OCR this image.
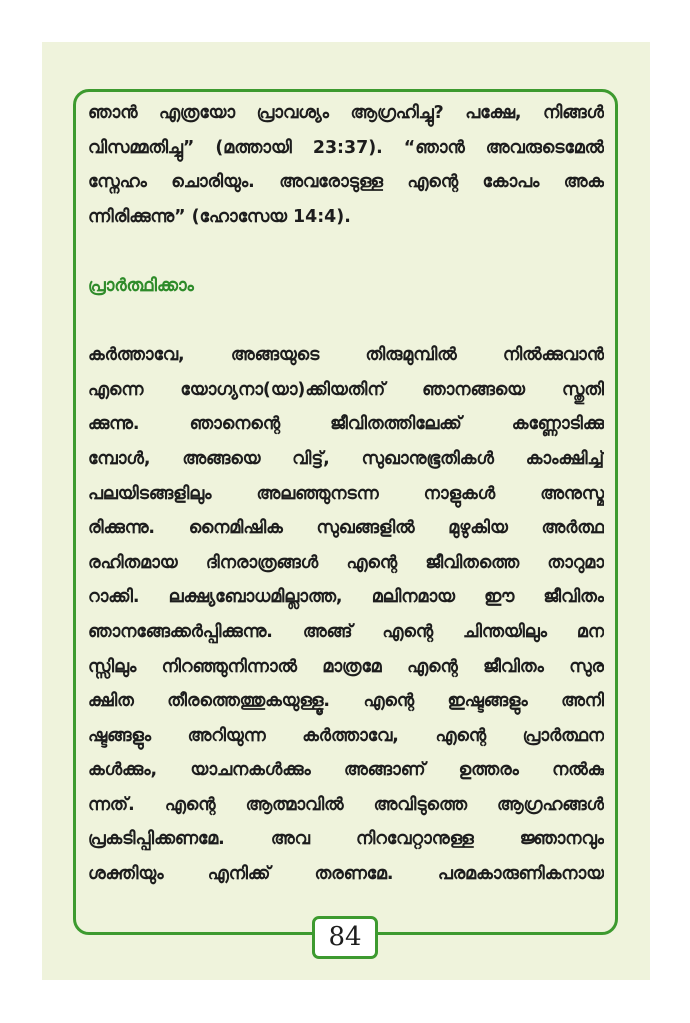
ഞാൻ എത്രയോ പ്രാവശ്യം ആഗ്രഹിച്ചു? പക്ഷേ, നിങ്ങൾ
വിസമ്മതിച്ചു” (മത്തായി 23:37). “ഞാൻ അവരുടെമേൽ
സ്നേഹം ചൊരിയും. അവരോടുള്ള എന്റെ കോപം അക
ന്നിരിക്കുന്നു” (ഹോസേയ 14:4).
പ്രാർത്ഥിക്കാം
കർത്താവേ, അങ്ങയുടെ തിരുമുമ്പിൽ നിൽക്കുവാൻ
എന്നെ യോഗ്യനാ(യാ)ക്കിയതിന് ഞാനങ്ങയെ സ്തുതി
ക്കുന്നു. ഞാനെന്റെ ജീവിതത്തിലേക്ക് കണ്ണോടിക്കു
മ്പോൾ, അങ്ങയെ വിട്ട്, സുഖാനുഭൂതികൾ കാംക്ഷിച്ച്
പലയിടങ്ങളിലും അലഞ്ഞുനടന്ന നാളുകൾ അനുസ്മ
രിക്കുന്നു. നൈമിഷിക സുഖങ്ങളിൽ മുഴുകിയ അർത്ഥ
രഹിതമായ ദിനരാത്രങ്ങൾ എന്റെ ജീവിതത്തെ താറുമാ
റാക്കി. ലക്ഷ്യബോധമില്ലാത്ത, മലിനമായ ഈ ജീവിതം
ഞാനങ്ങേക്കർപ്പിക്കുന്നു. അങ്ങ് എന്റെ ചിന്തയിലും മന
സ്സിലും നിറഞ്ഞുനിന്നാൽ മാത്രമേ എന്റെ ജീവിതം സുര
ക്ഷിത തീരത്തെത്തുകയുള്ളൂ. എന്റെ ഇഷ്ടങ്ങളും അനി
ഷ്ടങ്ങളും അറിയുന്ന കർത്താവേ, എന്റെ പ്രാർത്ഥന
കൾക്കും, യാചനകൾക്കും അങ്ങാണ് ഉത്തരം നൽകു
ന്നത്. എന്റെ ആത്മാവിൽ അവിടുത്തെ ആഗ്രഹങ്ങൾ
പ്രകടിപ്പിക്കണമേ. അവ നിറവേറ്റാനുള്ള ജ്ഞാനവും
ശക്തിയും എനിക്ക് തരണമേ. പരമകാരുണികനായ
84
